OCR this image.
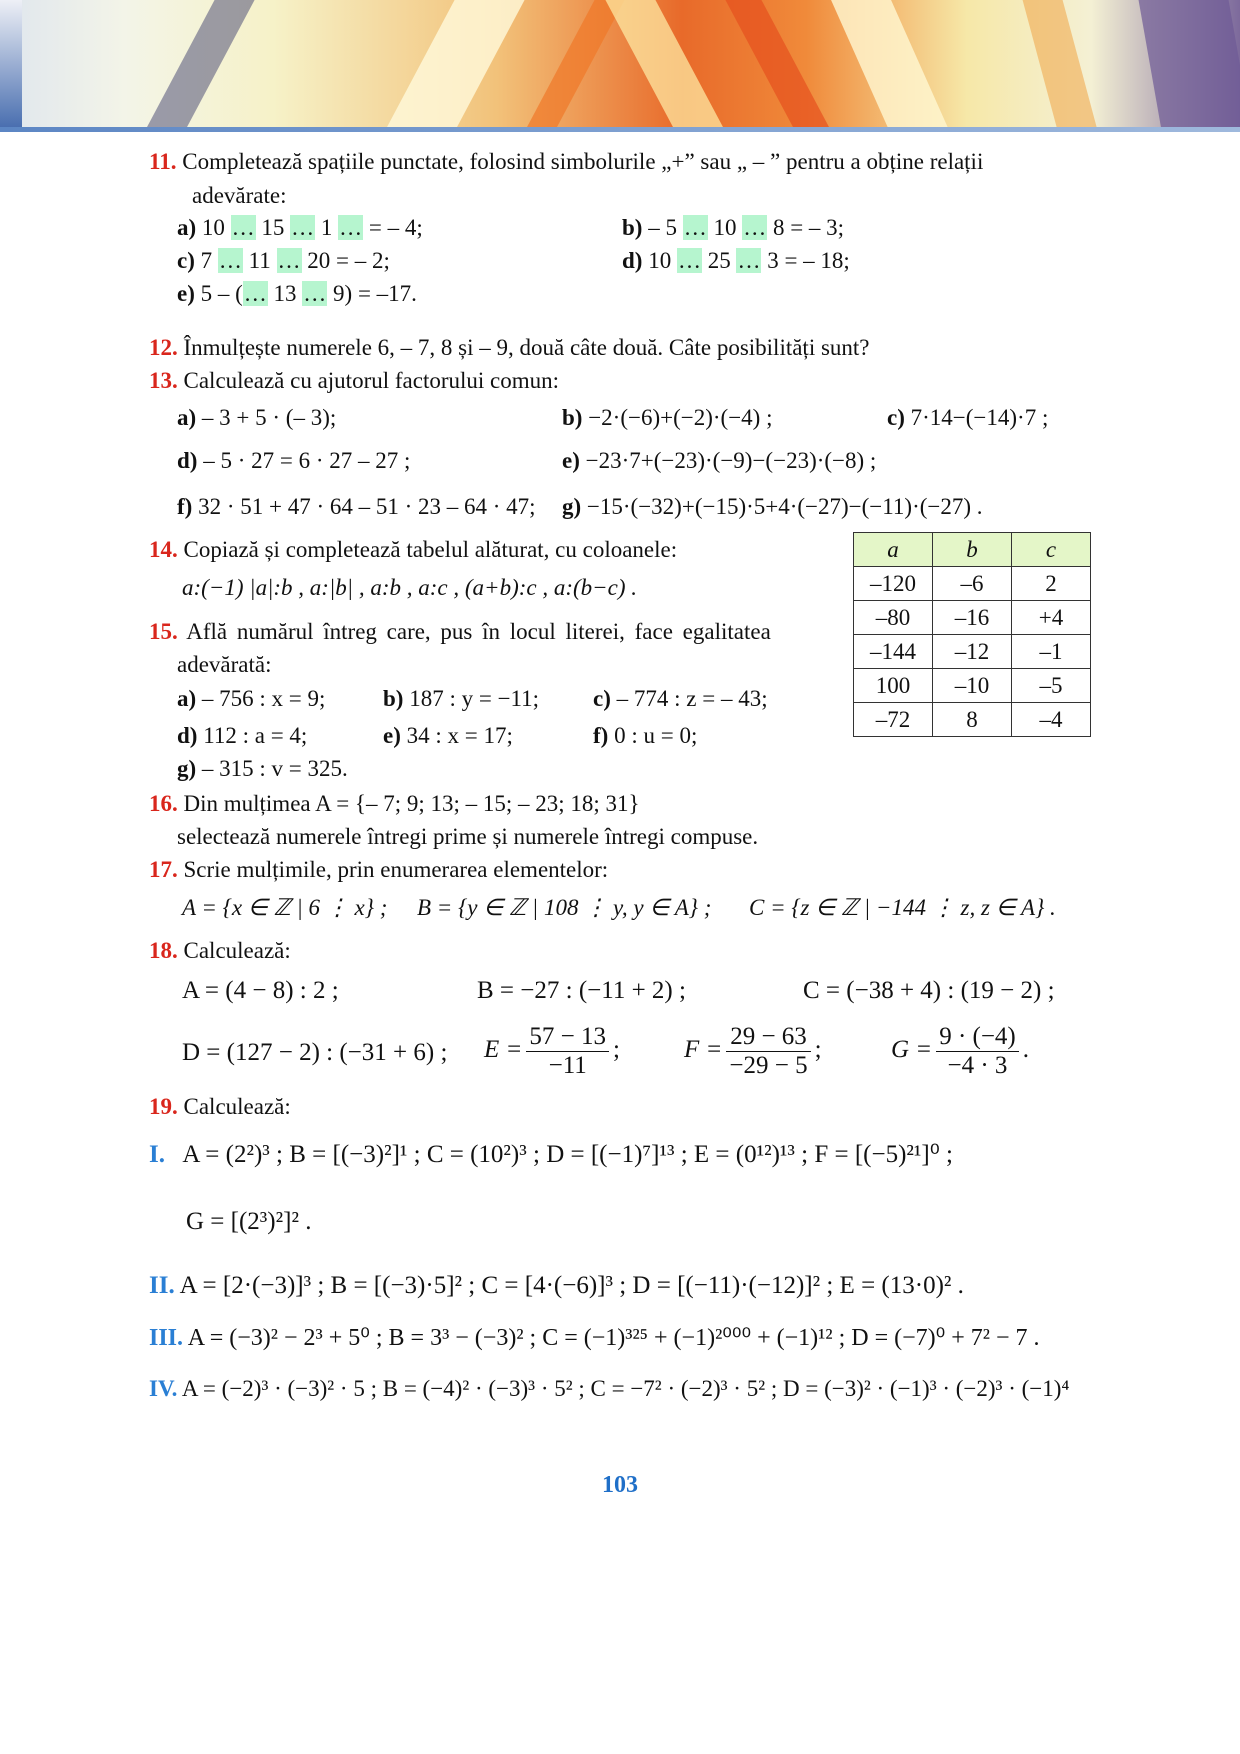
11. Completează spațiile punctate, folosind simbolurile „+” sau „ – ” pentru a obține relații
adevărate:
a) 10 … 15 … 1 … = – 4;	b) – 5 … 10 … 8 = – 3;
c) 7 … 11 … 20 = – 2;	d) 10 … 25 … 3 = – 18;
e) 5 – (… 13 … 9) = –17.
12. Înmulțește numerele 6, – 7, 8 și – 9, două câte două. Câte posibilități sunt?
13. Calculează cu ajutorul factorului comun:
a) – 3 + 5 · (– 3);	b) −2·(−6)+(−2)·(−4) ;	c) 7·14−(−14)·7 ;
d) – 5 · 27 = 6 · 27 – 27 ;	e) −23·7+(−23)·(−9)−(−23)·(−8) ;
f) 32 · 51 + 47 · 64 – 51 · 23 – 64 · 47; g) −15·(−32)+(−15)·5+4·(−27)−(−11)·(−27) .
14. Copiază și completează tabelul alăturat, cu coloanele:
a:(−1) |a|:b , a:|b| , a:b , a:c , (a+b):c , a:(b−c) .
a	b	c
–120	–6	2
–80	–16	+4
–144	–12	–1
100	–10	–5
–72	8	–4
15. Află numărul întreg care, pus în locul literei, face egalitatea
adevărată:
a) – 756 : x = 9;	b) 187 : y = −11; c) – 774 : z = – 43;
d) 112 : a = 4;	e) 34 : x = 17;	f) 0 : u = 0;
g) – 315 : v = 325.
16. Din mulțimea A = {– 7; 9; 13; – 15; – 23; 18; 31}
selectează numerele întregi prime și numerele întregi compuse.
17. Scrie mulțimile, prin enumerarea elementelor:
A = {x ∈ ℤ | 6 ⋮ x} ; B = {y ∈ ℤ | 108 ⋮ y, y ∈ A} ; C = {z ∈ ℤ | −144 ⋮ z, z ∈ A} .
18. Calculează:
A = (4 − 8) : 2 ;	B = −27 : (−11 + 2) ;	C = (−38 + 4) : (19 − 2) ;
D = (127 − 2) : (−31 + 6) ; $E = \frac{57 - 13}{-11}$ ;	$F = \frac{29 - 63}{-29 - 5}$ ;	$G = \frac{9 \cdot (-4)}{-4 \cdot 3}$ .
19. Calculează:
I. A = (2²)³ ; B = [(−3)²]¹ ; C = (10²)³ ; D = [(−1)⁷]¹³ ; E = (0¹²)¹³ ; F = [(−5)²¹]⁰ ;
G = [(2³)²]² .
II. A = [2·(−3)]³ ; B = [(−3)·5]² ; C = [4·(−6)]³ ; D = [(−11)·(−12)]² ; E = (13·0)² .
III. A = (−3)² − 2³ + 5⁰ ; B = 3³ − (−3)² ; C = (−1)³²⁵ + (−1)²⁰⁰⁰ + (−1)¹² ; D = (−7)⁰ + 7² − 7 .
IV. A = (−2)³ · (−3)² · 5 ; B = (−4)² · (−3)³ · 5² ; C = −7² · (−2)³ · 5² ; D = (−3)² · (−1)³ · (−2)³ · (−1)⁴
103
